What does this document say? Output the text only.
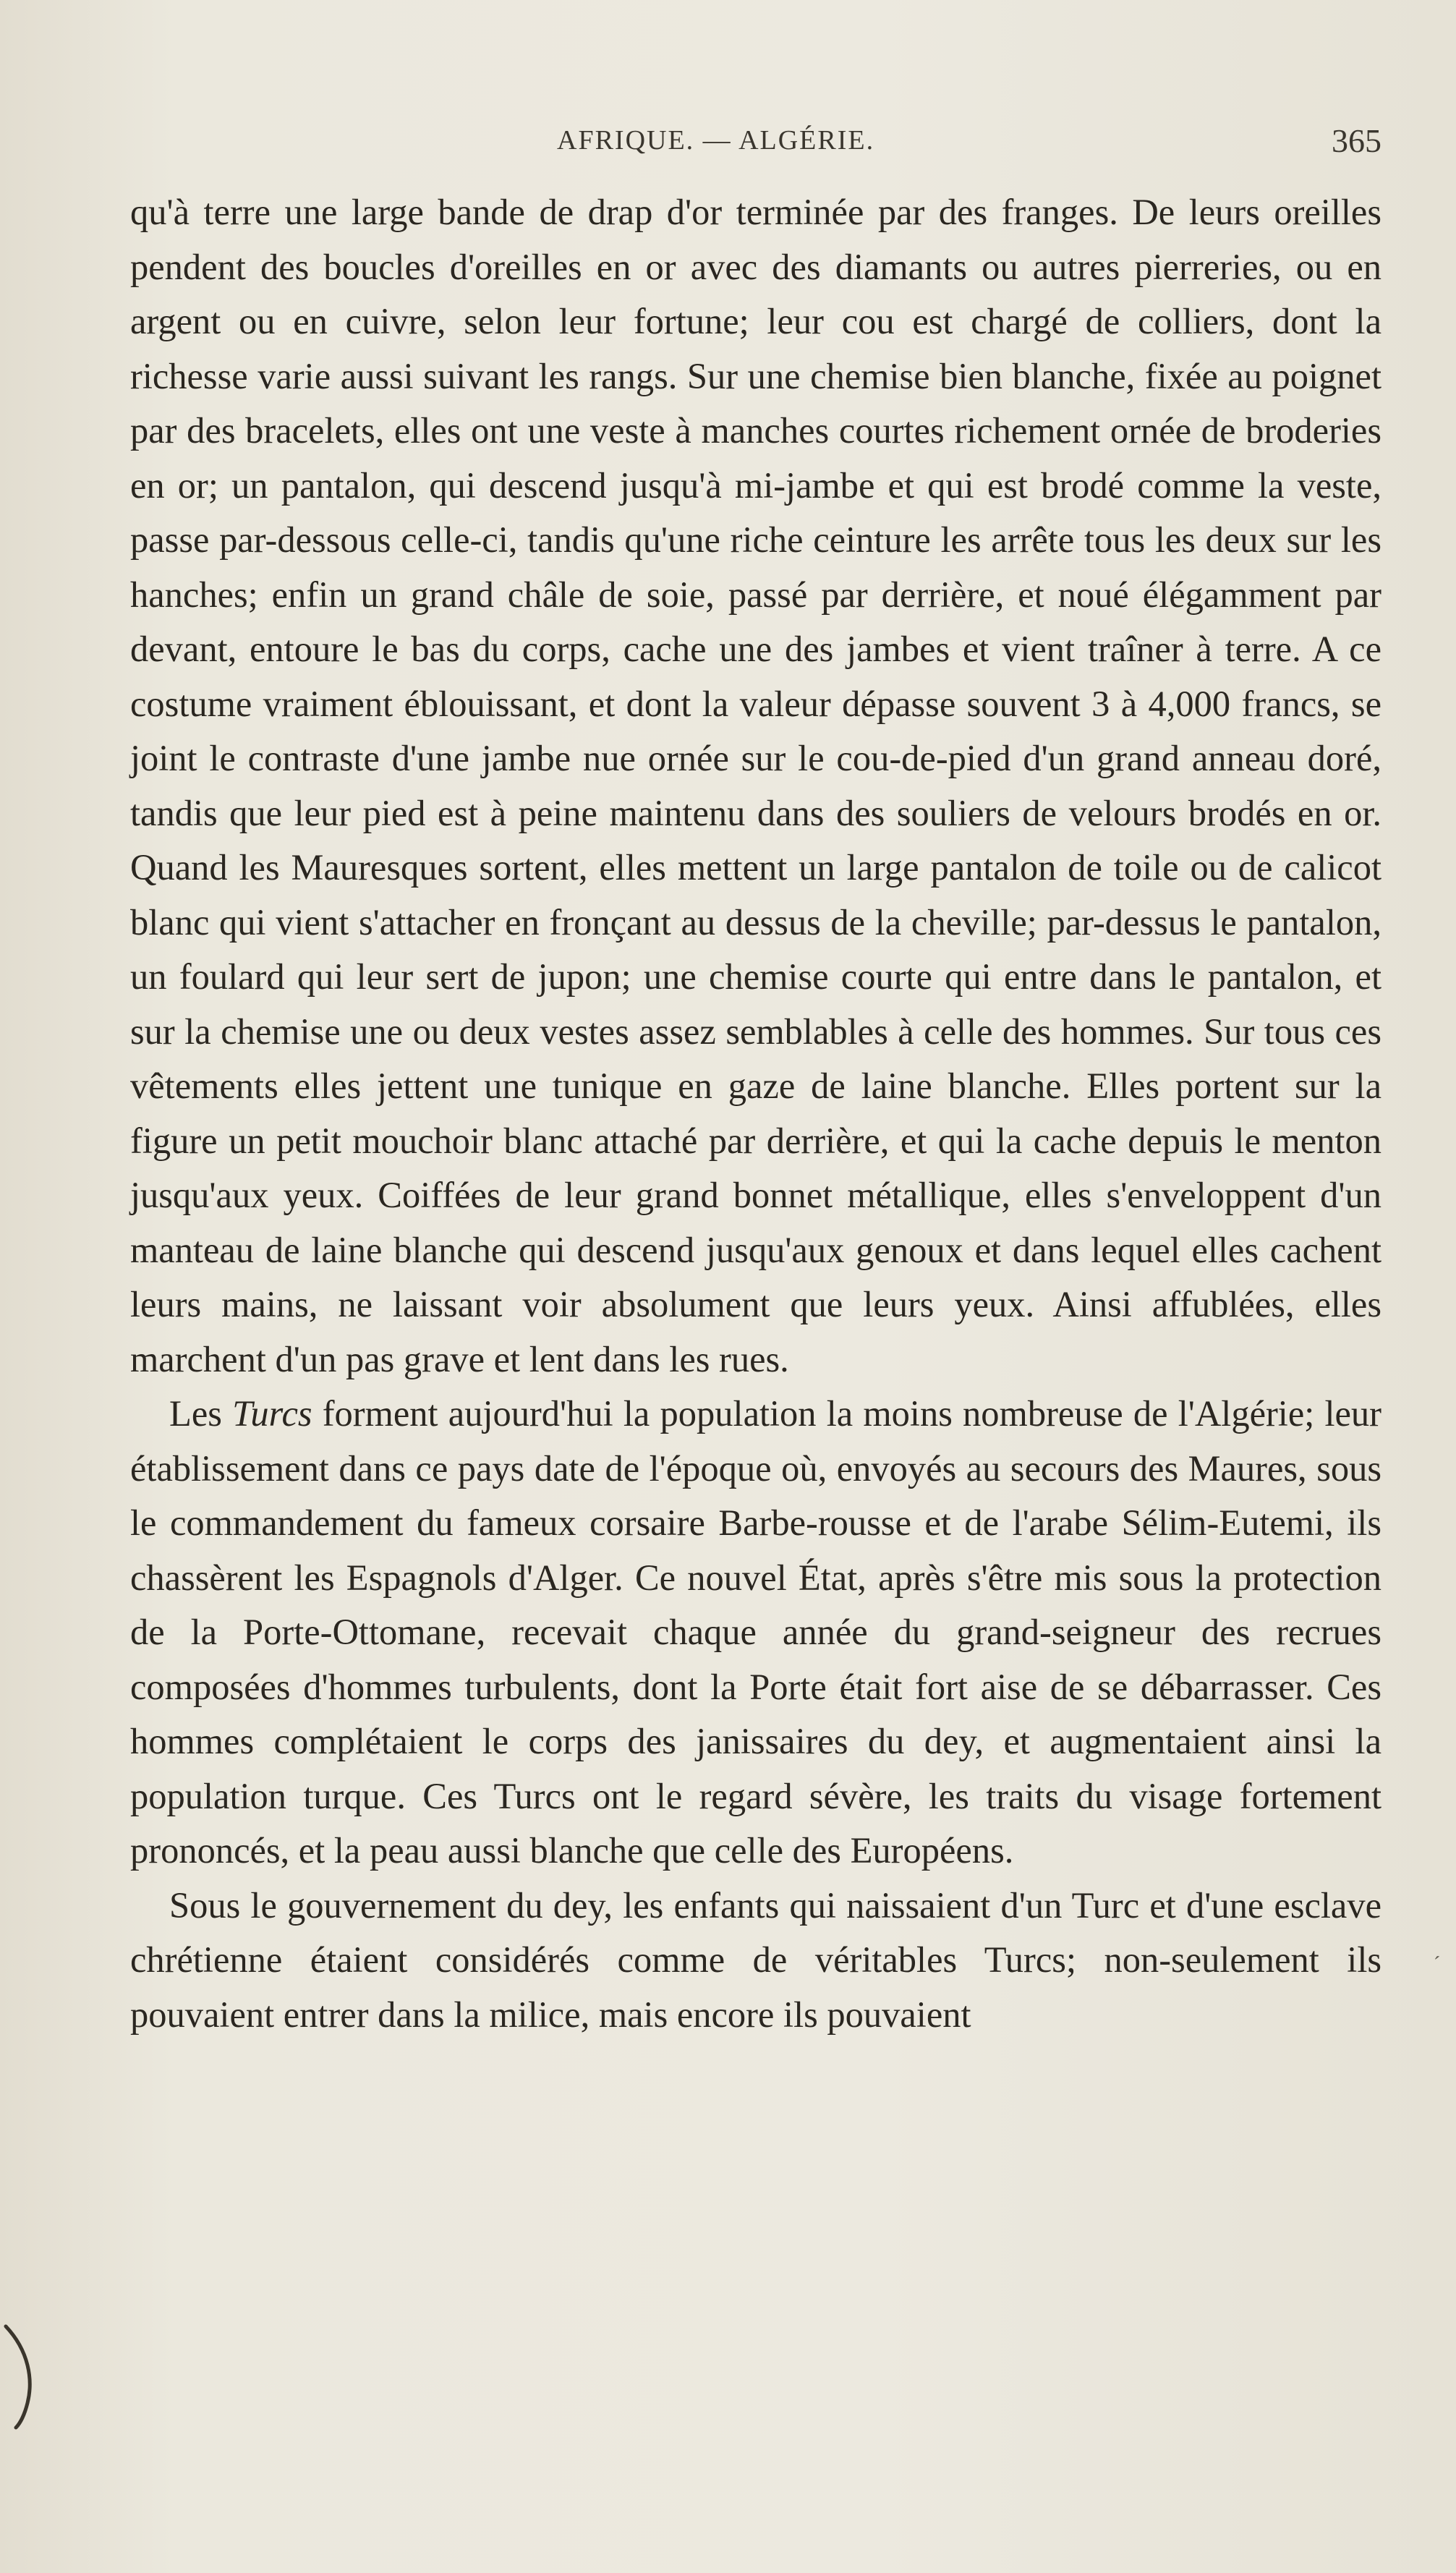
AFRIQUE. — ALGÉRIE.	365

qu'à terre une large bande de drap d'or terminée par des franges. De leurs oreilles pendent des boucles d'oreilles en or avec des diamants ou autres pierreries, ou en argent ou en cuivre, selon leur fortune; leur cou est chargé de colliers, dont la richesse varie aussi suivant les rangs. Sur une chemise bien blanche, fixée au poignet par des bracelets, elles ont une veste à manches courtes richement ornée de broderies en or; un pantalon, qui descend jusqu'à mi-jambe et qui est brodé comme la veste, passe par-dessous celle-ci, tandis qu'une riche ceinture les arrête tous les deux sur les hanches; enfin un grand châle de soie, passé par derrière, et noué élégamment par devant, entoure le bas du corps, cache une des jambes et vient traîner à terre. A ce costume vraiment éblouissant, et dont la valeur dépasse souvent 3 à 4,000 francs, se joint le contraste d'une jambe nue ornée sur le cou-de-pied d'un grand anneau doré, tandis que leur pied est à peine maintenu dans des souliers de velours brodés en or. Quand les Mauresques sortent, elles mettent un large pantalon de toile ou de calicot blanc qui vient s'attacher en fronçant au dessus de la cheville; par-dessus le pantalon, un foulard qui leur sert de jupon; une chemise courte qui entre dans le pantalon, et sur la chemise une ou deux vestes assez semblables à celle des hommes. Sur tous ces vêtements elles jettent une tunique en gaze de laine blanche. Elles portent sur la figure un petit mouchoir blanc attaché par derrière, et qui la cache depuis le menton jusqu'aux yeux. Coiffées de leur grand bonnet métallique, elles s'enveloppent d'un manteau de laine blanche qui descend jusqu'aux genoux et dans lequel elles cachent leurs mains, ne laissant voir absolument que leurs yeux. Ainsi affublées, elles marchent d'un pas grave et lent dans les rues.

Les Turcs forment aujourd'hui la population la moins nombreuse de l'Algérie; leur établissement dans ce pays date de l'époque où, envoyés au secours des Maures, sous le commandement du fameux corsaire Barbe-rousse et de l'arabe Sélim-Eutemi, ils chassèrent les Espagnols d'Alger. Ce nouvel État, après s'être mis sous la protection de la Porte-Ottomane, recevait chaque année du grand-seigneur des recrues composées d'hommes turbulents, dont la Porte était fort aise de se débarrasser. Ces hommes complétaient le corps des janissaires du dey, et augmentaient ainsi la population turque. Ces Turcs ont le regard sévère, les traits du visage fortement prononcés, et la peau aussi blanche que celle des Européens.

Sous le gouvernement du dey, les enfants qui naissaient d'un Turc et d'une esclave chrétienne étaient considérés comme de véritables Turcs; non-seulement ils pouvaient entrer dans la milice, mais encore ils pouvaient

´
